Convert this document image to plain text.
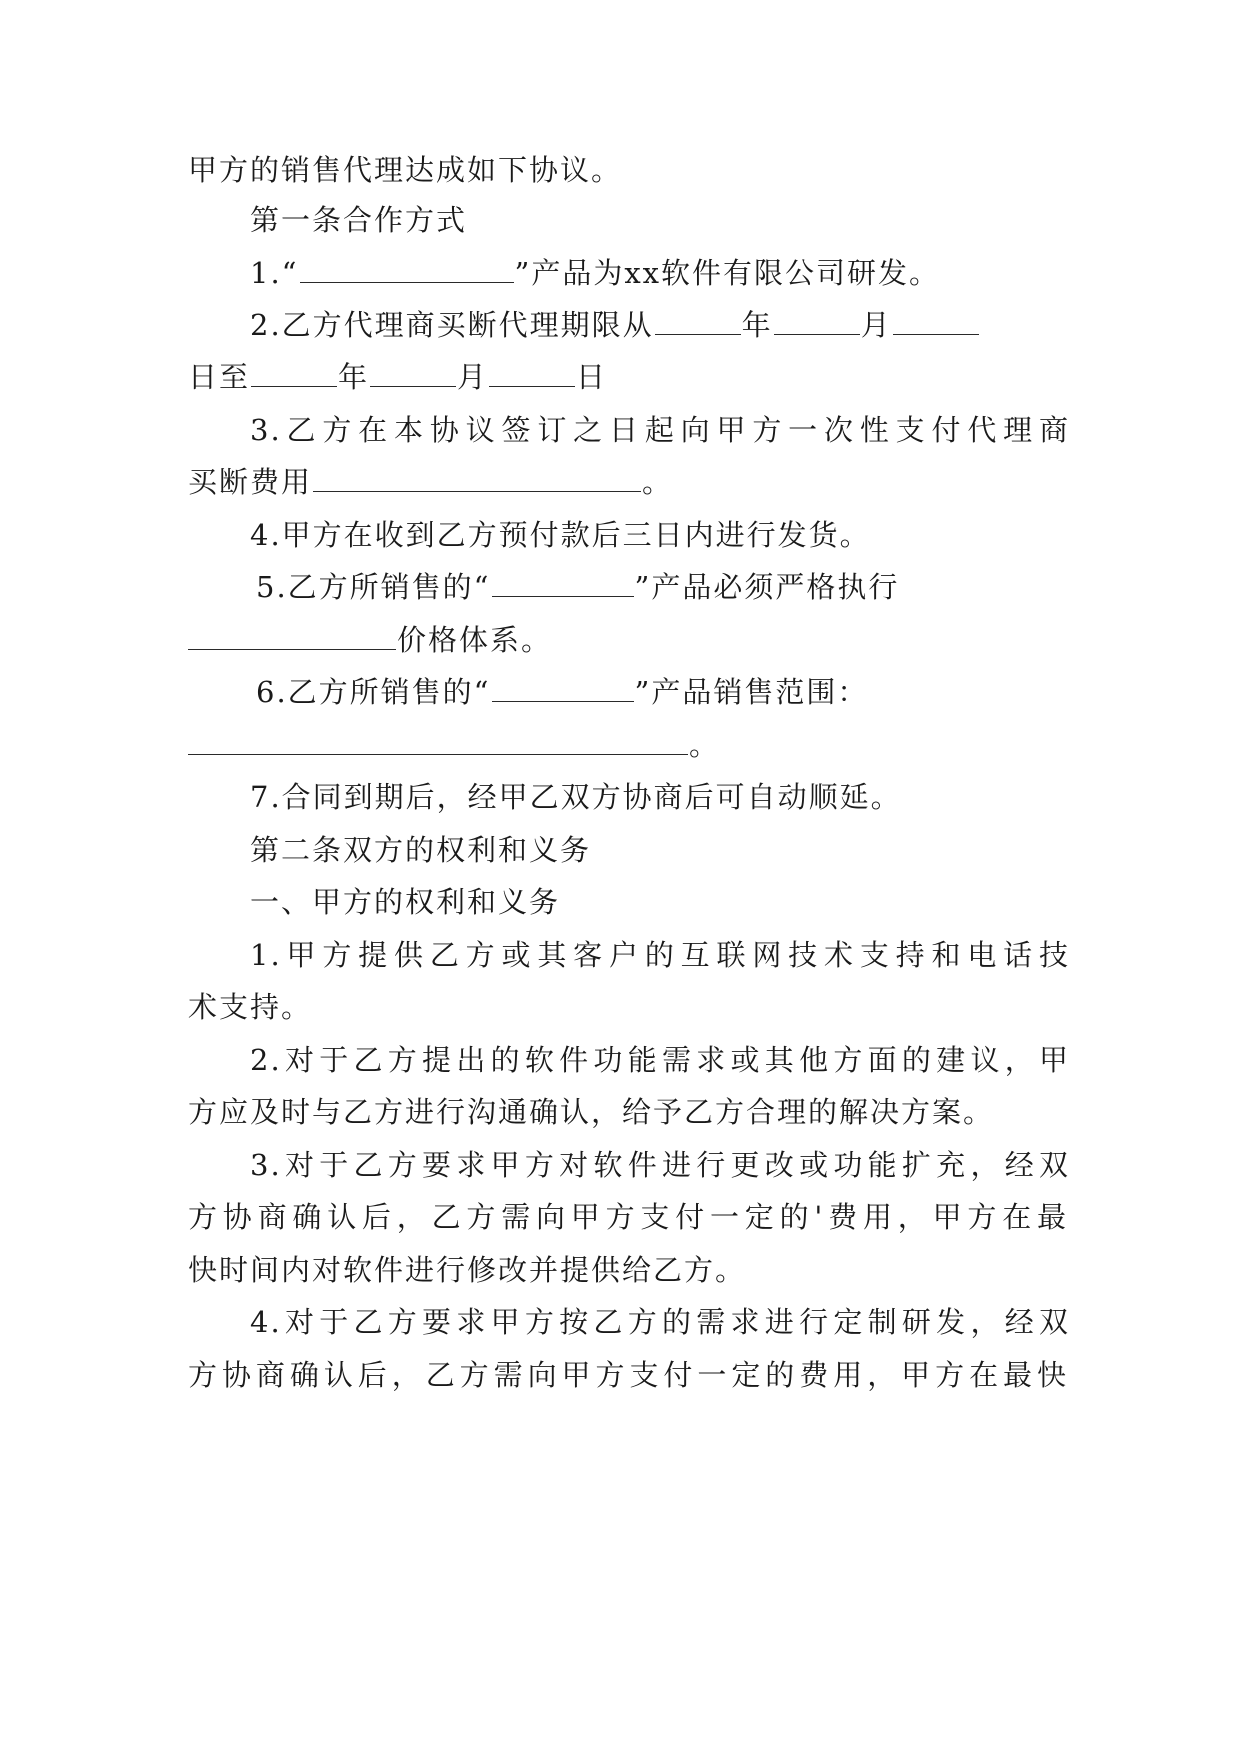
甲方的销售代理达成如下协议。
第一条合作方式
1.“	”产品为xx软件有限公司研发。
2.乙方代理商买断代理期限从	年	月
日至	年	月	日
3.乙方在本协议签订之日起向甲方一次性支付代理商
买断费用	。
4.甲方在收到乙方预付款后三日内进行发货。
5.乙方所销售的“	”产品必须严格执行
价格体系。
6.乙方所销售的“	”产品销售范围：
。
7.合同到期后，经甲乙双方协商后可自动顺延。
第二条双方的权利和义务
一、甲方的权利和义务
1.甲方提供乙方或其客户的互联网技术支持和电话技
术支持。
2.对于乙方提出的软件功能需求或其他方面的建议，甲
方应及时与乙方进行沟通确认，给予乙方合理的解决方案。
3.对于乙方要求甲方对软件进行更改或功能扩充，经双
方协商确认后，乙方需向甲方支付一定的'费用，甲方在最
快时间内对软件进行修改并提供给乙方。
4.对于乙方要求甲方按乙方的需求进行定制研发，经双
方协商确认后，乙方需向甲方支付一定的费用，甲方在最快
